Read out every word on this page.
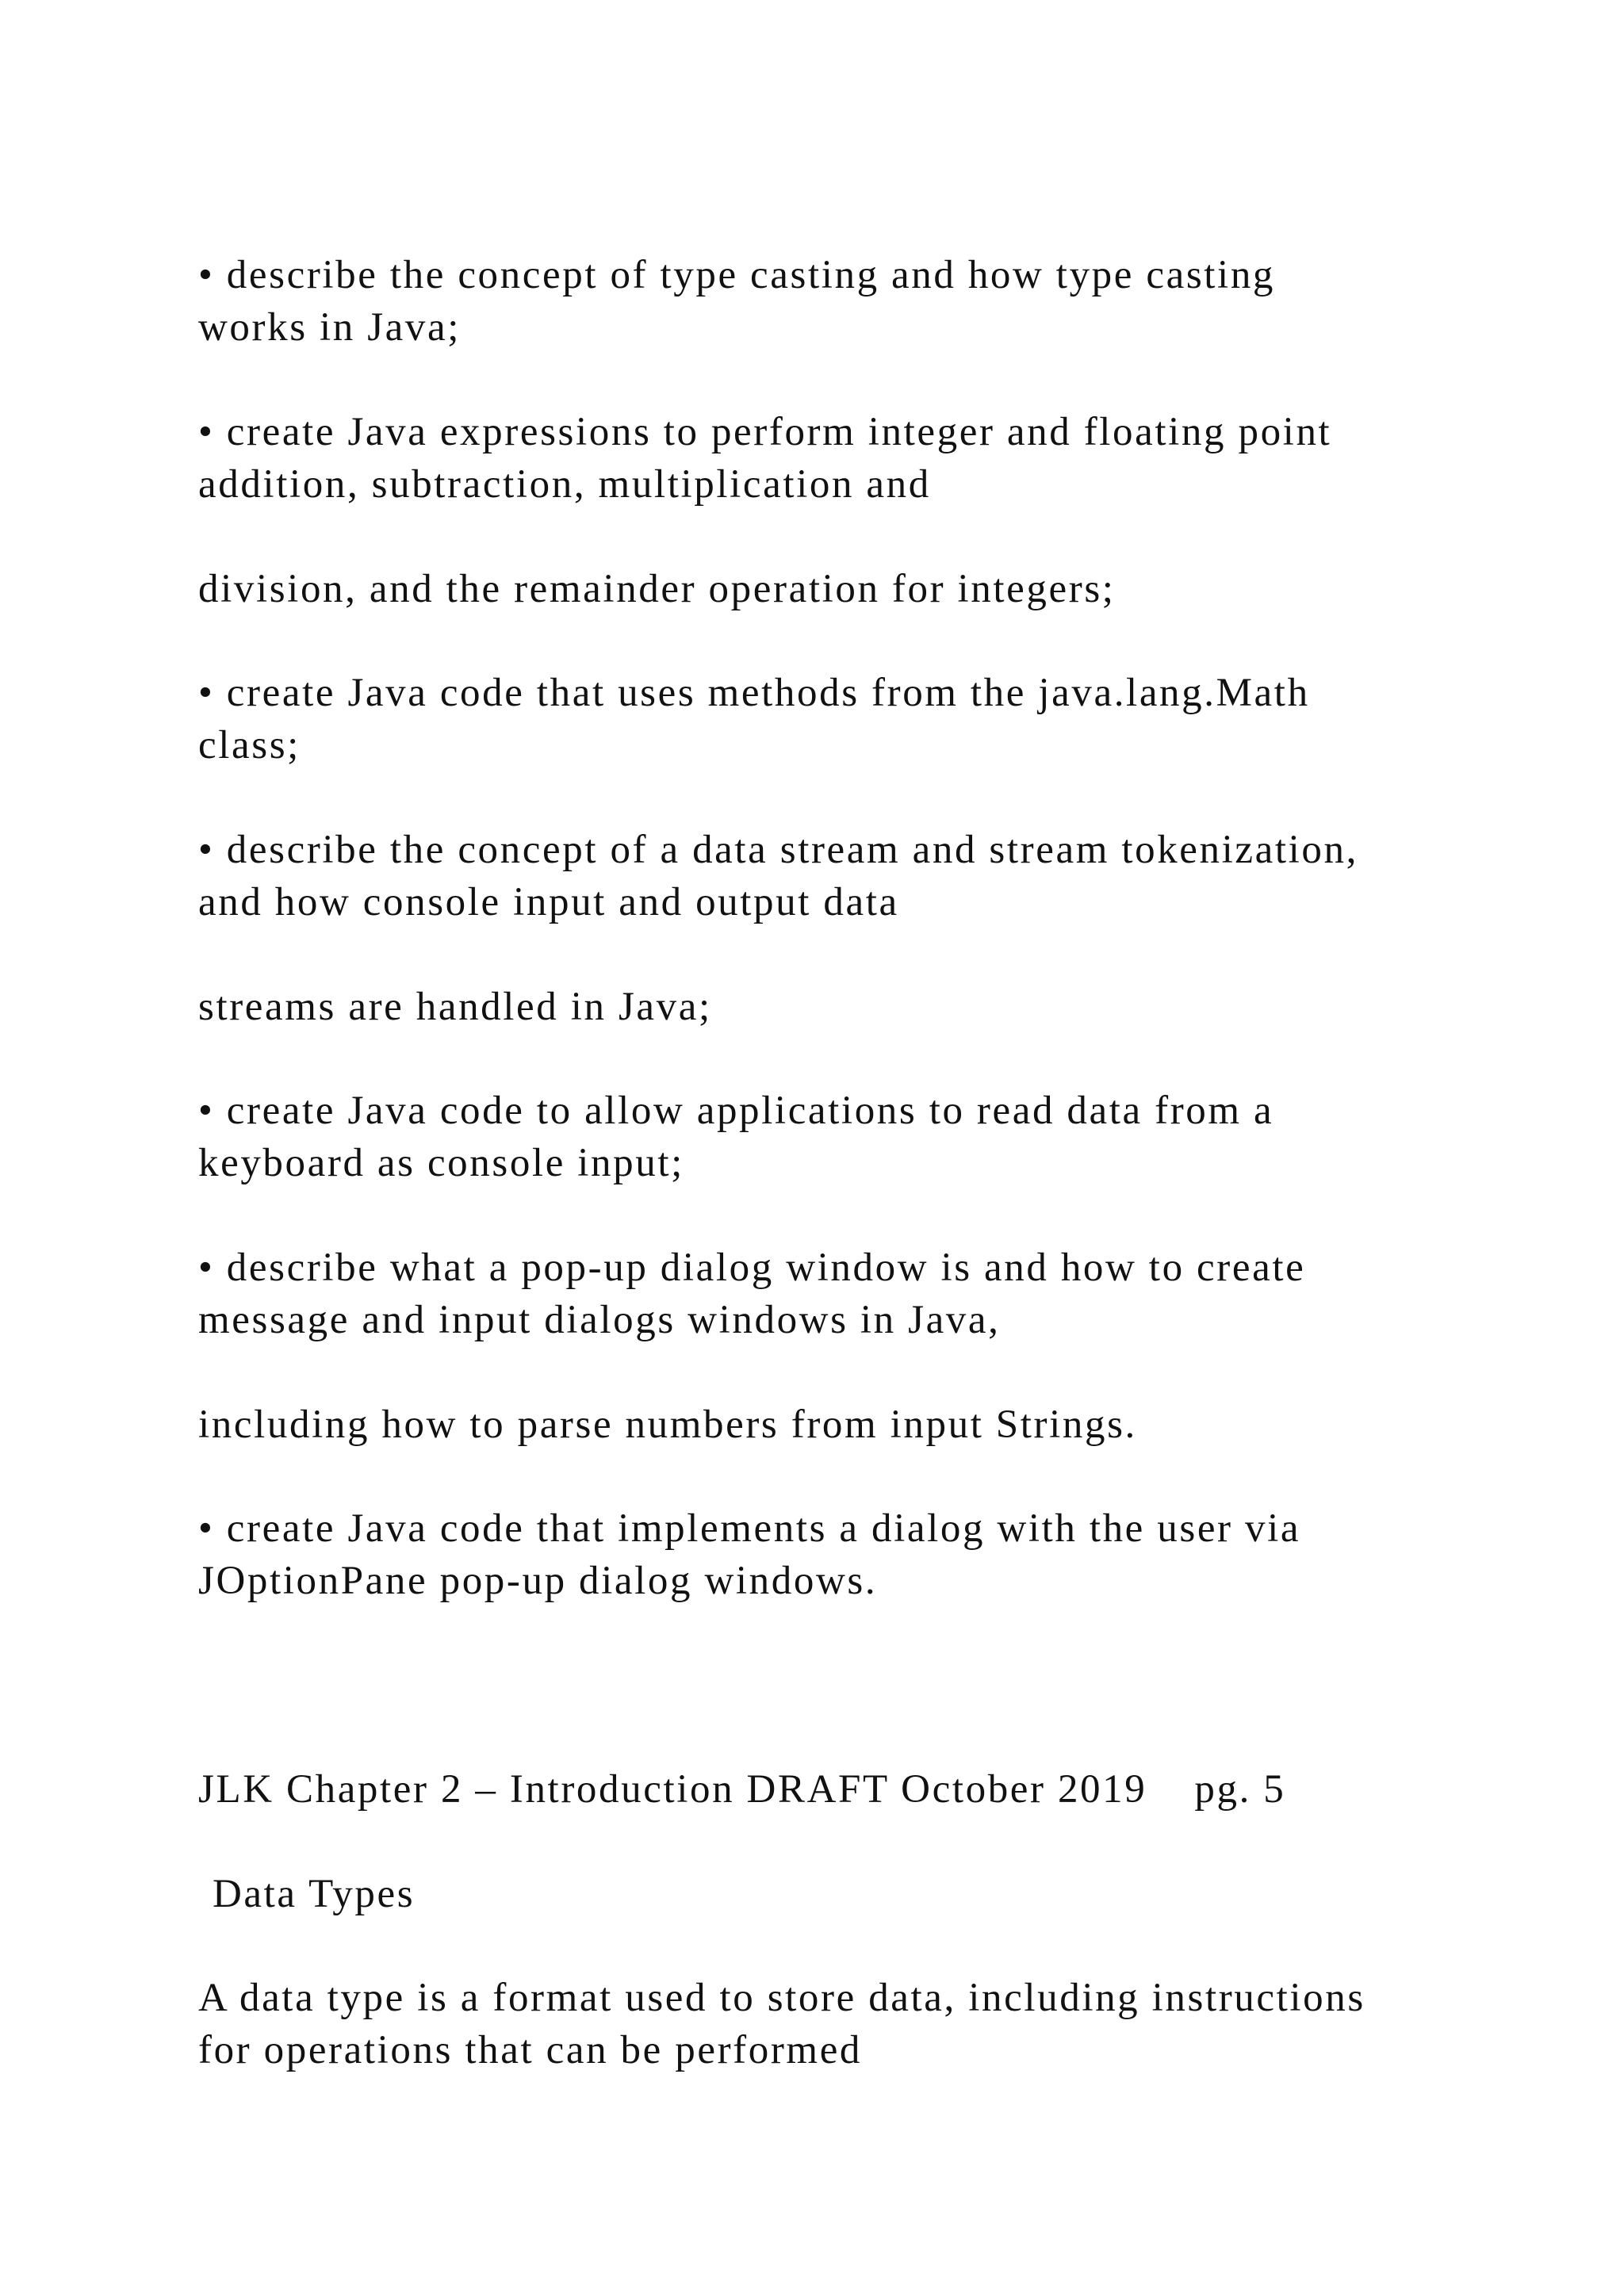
• describe the concept of type casting and how type casting

works in Java;

• create Java expressions to perform integer and floating point

addition, subtraction, multiplication and

division, and the remainder operation for integers;

• create Java code that uses methods from the java.lang.Math

class;

• describe the concept of a data stream and stream tokenization,

and how console input and output data

streams are handled in Java;

• create Java code to allow applications to read data from a

keyboard as console input;

• describe what a pop-up dialog window is and how to create

message and input dialogs windows in Java,

including how to parse numbers from input Strings.

• create Java code that implements a dialog with the user via

JOptionPane pop-up dialog windows.

JLK Chapter 2 – Introduction DRAFT October 2019 pg. 5

Data Types

A data type is a format used to store data, including instructions

for operations that can be performed
